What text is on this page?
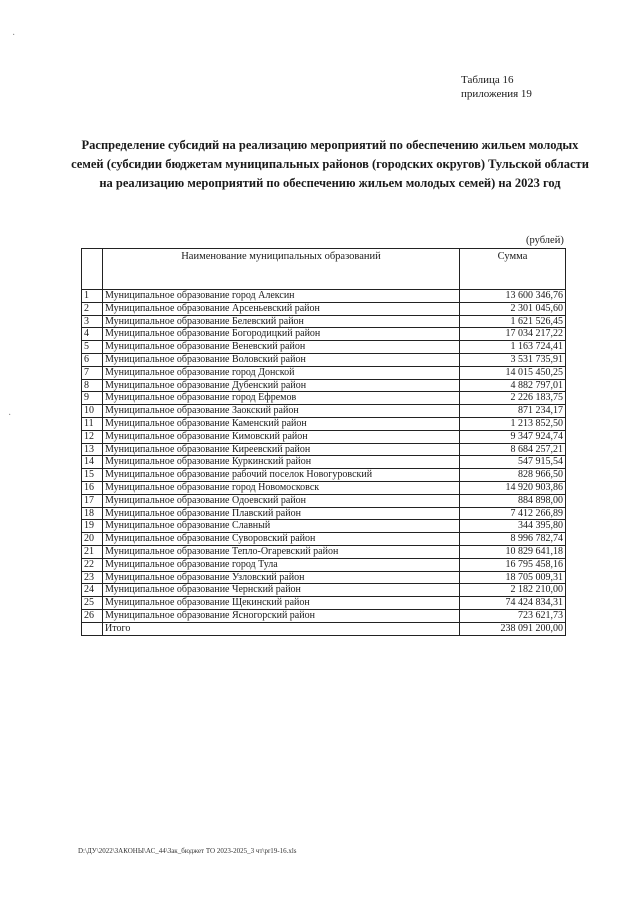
Таблица 16
приложения 19
Распределение субсидий на реализацию мероприятий по обеспечению жильем молодых семей (субсидии бюджетам муниципальных районов (городских округов) Тульской области на реализацию мероприятий по обеспечению жильем молодых семей) на 2023 год
(рублей)
	Наименование муниципальных образований	Сумма
1	Муниципальное образование город Алексин	13 600 346,76
2	Муниципальное образование Арсеньевский район	2 301 045,60
3	Муниципальное образование Белевский район	1 621 526,45
4	Муниципальное образование Богородицкий район	17 034 217,22
5	Муниципальное образование Веневский район	1 163 724,41
6	Муниципальное образование Воловский район	3 531 735,91
7	Муниципальное образование город Донской	14 015 450,25
8	Муниципальное образование Дубенский район	4 882 797,01
9	Муниципальное образование город Ефремов	2 226 183,75
10	Муниципальное образование Заокский район	871 234,17
11	Муниципальное образование Каменский район	1 213 852,50
12	Муниципальное образование Кимовский район	9 347 924,74
13	Муниципальное образование Киреевский район	8 684 257,21
14	Муниципальное образование Куркинский район	547 915,54
15	Муниципальное образование рабочий поселок Новогуровский	828 966,50
16	Муниципальное образование город Новомосковск	14 920 903,86
17	Муниципальное образование Одоевский район	884 898,00
18	Муниципальное образование Плавский район	7 412 266,89
19	Муниципальное образование Славный	344 395,80
20	Муниципальное образование Суворовский район	8 996 782,74
21	Муниципальное образование Тепло-Огаревский район	10 829 641,18
22	Муниципальное образование город Тула	16 795 458,16
23	Муниципальное образование Узловский район	18 705 009,31
24	Муниципальное образование Чернский район	2 182 210,00
25	Муниципальное образование Щекинский район	74 424 834,31
26	Муниципальное образование Ясногорский район	723 621,73
	Итого	238 091 200,00
D:\ДУ\2022\ЗАКОНЫ\АС_44\Зак_бюджет ТО 2023-2025_3 чт\pr19-16.xls
·
·
